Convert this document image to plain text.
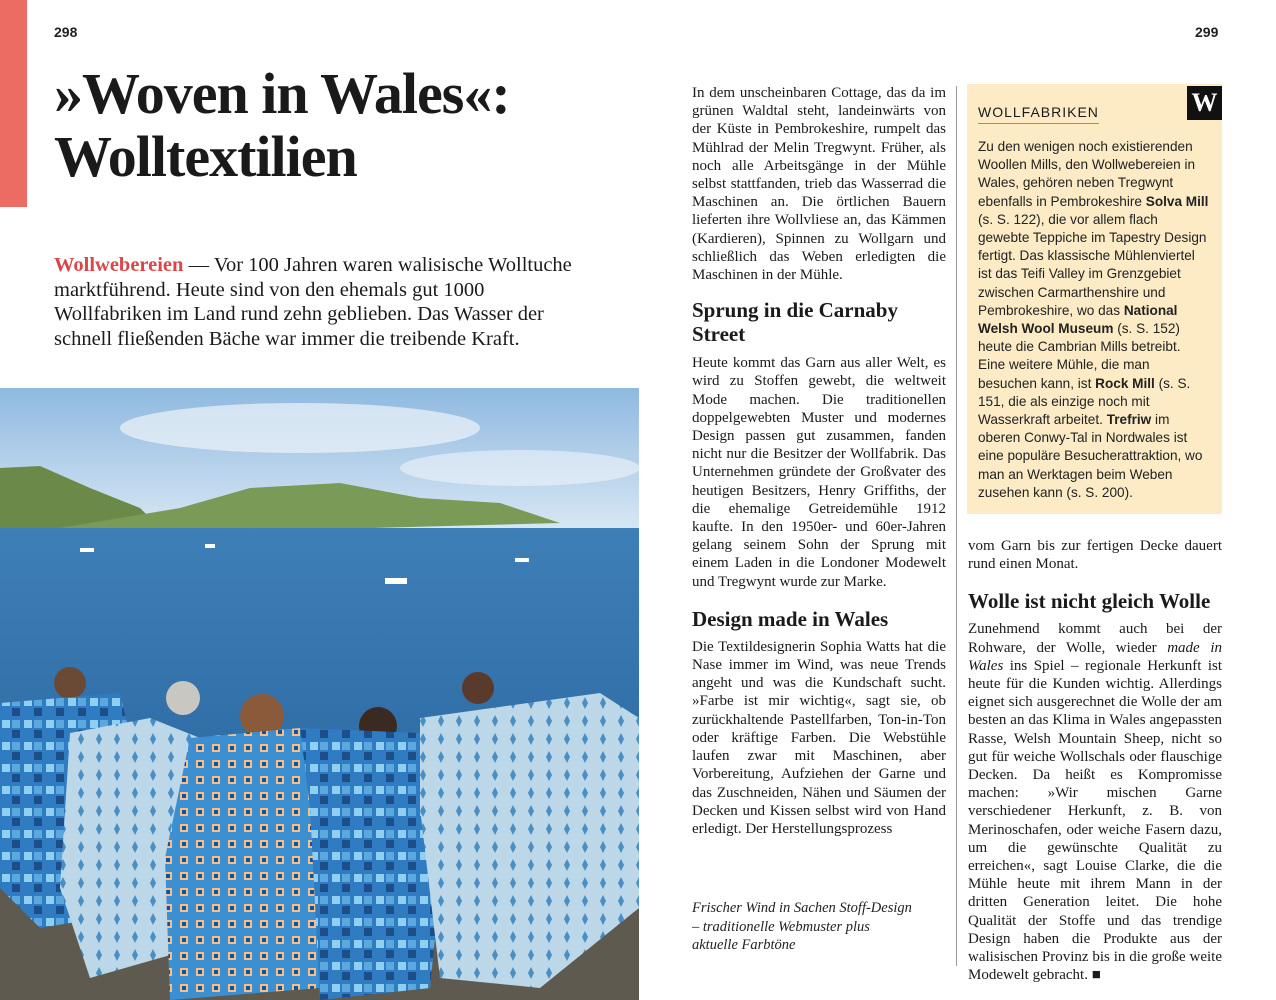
298
»Woven in Wales«:
Wolltextilien
Wollwebereien — Vor 100 Jahren waren walisische Wolltuche marktführend. Heute sind von den ehemals gut 1000 Wollfabriken im Land rund zehn geblieben. Das Wasser der schnell fließenden Bäche war immer die treibende Kraft.
299

In dem unscheinbaren Cottage, das da im grünen Waldtal steht, landeinwärts von der Küste in Pembrokeshire, rumpelt das Mühlrad der Melin Tregwynt. Früher, als noch alle Arbeitsgänge in der Mühle selbst stattfanden, trieb das Wasserrad die Maschinen an. Die örtlichen Bauern lieferten ihre Wollvliese an, das Kämmen (Kardieren), Spinnen zu Wollgarn und schließlich das Weben erledigten die Maschinen in der Mühle.

Sprung in die Carnaby Street

Heute kommt das Garn aus aller Welt, es wird zu Stoffen gewebt, die weltweit Mode machen. Die traditionellen doppelgewebten Muster und modernes Design passen gut zusammen, fanden nicht nur die Besitzer der Wollfabrik. Das Unternehmen gründete der Großvater des heutigen Besitzers, Henry Griffiths, der die ehemalige Getreidemühle 1912 kaufte. In den 1950er- und 60er-Jahren gelang seinem Sohn der Sprung mit einem Laden in die Londoner Modewelt und Tregwynt wurde zur Marke.

Design made in Wales

Die Textildesignerin Sophia Watts hat die Nase immer im Wind, was neue Trends angeht und was die Kundschaft sucht. »Farbe ist mir wichtig«, sagt sie, ob zurückhaltende Pastellfarben, Ton-in-Ton oder kräftige Farben. Die Webstühle laufen zwar mit Maschinen, aber Vorbereitung, Aufziehen der Garne und das Zuschneiden, Nähen und Säumen der Decken und Kissen selbst wird von Hand erledigt. Der Herstellungsprozess

Frischer Wind in Sachen Stoff-Design – traditionelle Webmuster plus aktuelle Farbtöne
WOLLFABRIKEN
Zu den wenigen noch existierenden Woollen Mills, den Wollwebereien in Wales, gehören neben Tregwynt ebenfalls in Pembrokeshire Solva Mill (s. S. 122), die vor allem flach gewebte Teppiche im Tapestry Design fertigt. Das klassische Mühlenviertel ist das Teifi Valley im Grenzgebiet zwischen Carmarthenshire und Pembrokeshire, wo das National Welsh Wool Museum (s. S. 152) heute die Cambrian Mills betreibt. Eine weitere Mühle, die man besuchen kann, ist Rock Mill (s. S. 151, die als einzige noch mit Wasserkraft arbeitet. Trefriw im oberen Conwy-Tal in Nordwales ist eine populäre Besucherattraktion, wo man an Werktagen beim Weben zusehen kann (s. S. 200).
W

vom Garn bis zur fertigen Decke dauert rund einen Monat.

Wolle ist nicht gleich Wolle

Zunehmend kommt auch bei der Rohware, der Wolle, wieder made in Wales ins Spiel – regionale Herkunft ist heute für die Kunden wichtig. Allerdings eignet sich ausgerechnet die Wolle der am besten an das Klima in Wales angepassten Rasse, Welsh Mountain Sheep, nicht so gut für weiche Wollschals oder flauschige Decken. Da heißt es Kompromisse machen: »Wir mischen Garne verschiedener Herkunft, z. B. von Merinoschafen, oder weiche Fasern dazu, um die gewünschte Qualität zu erreichen«, sagt Louise Clarke, die die Mühle heute mit ihrem Mann in der dritten Generation leitet. Die hohe Qualität der Stoffe und das trendige Design haben die Produkte aus der walisischen Provinz bis in die große weite Modewelt gebracht. ■
